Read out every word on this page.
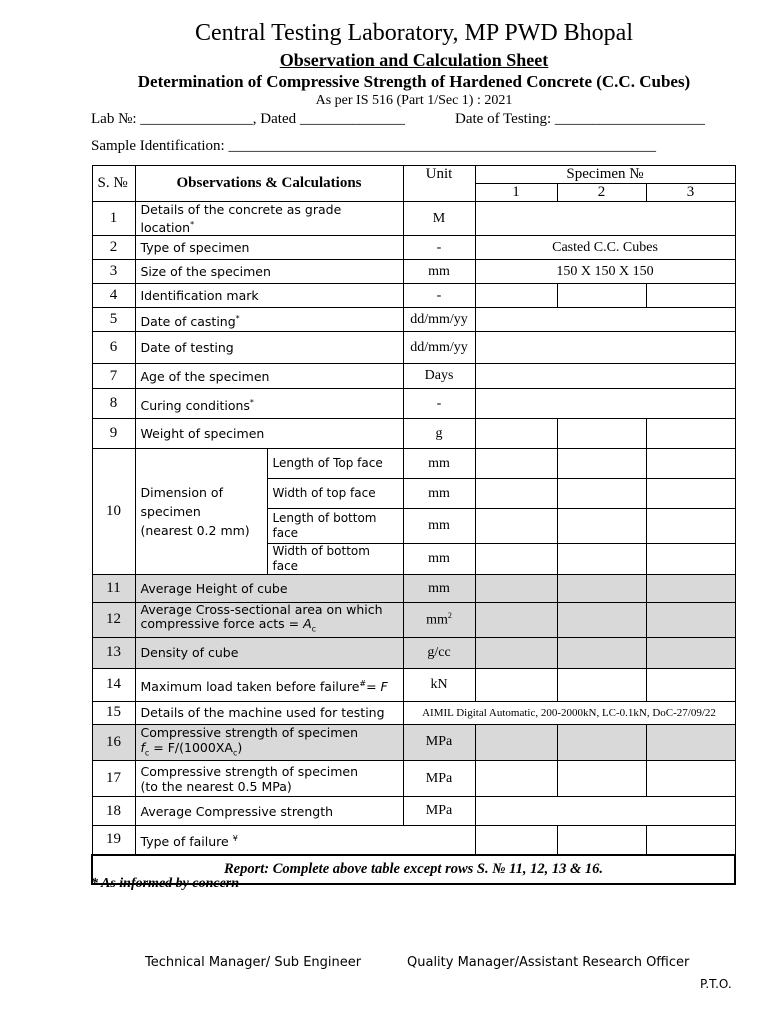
Central Testing Laboratory, MP PWD Bhopal
Observation and Calculation Sheet
Determination of Compressive Strength of Hardened Concrete (C.C. Cubes)
As per IS 516 (Part 1/Sec 1) : 2021
Lab №: _______________, Dated ______________	Date of Testing: ____________________
Sample Identification: _________________________________________________________
S. №	Observations & Calculations		Unit	Specimen №		
				1	2	3
1	Details of the concrete as grade location*		M			
2	Type of specimen		-	Casted C.C. Cubes		
3	Size of the specimen		mm	150 X 150 X 150		
4	Identification mark		-			
5	Date of casting*		dd/mm/yy			
6	Date of testing		dd/mm/yy			
7	Age of the specimen		Days			
8	Curing conditions*		-			
9	Weight of specimen		g			
10	Dimension of
specimen
(nearest 0.2 mm)	Length of Top face	mm			
		Width of top face	mm			
		Length of bottom
face	mm			
		Width of bottom face	mm			
11	Average Height of cube		mm			
12	Average Cross-sectional area on which
compressive force acts = $A_c$		$mm^2$			
13	Density of cube		g/cc			
14	Maximum load taken before failure#= F		kN			
15	Details of the machine used for testing		AIMIL Digital Automatic, 200-2000kN, LC-0.1kN, DoC-27/09/22			
16	Compressive strength of specimen
$f_c = F/(1000XA_c)$		MPa			
17	Compressive strength of specimen
(to the nearest 0.5 MPa)		MPa			
18	Average Compressive strength		MPa			
19	Type of failure ¥			
Report: Complete above table except rows S. № 11, 12, 13 & 16.						
* As informed by concern
Technical Manager/ Sub Engineer	Quality Manager/Assistant Research Officer
P.T.O.
